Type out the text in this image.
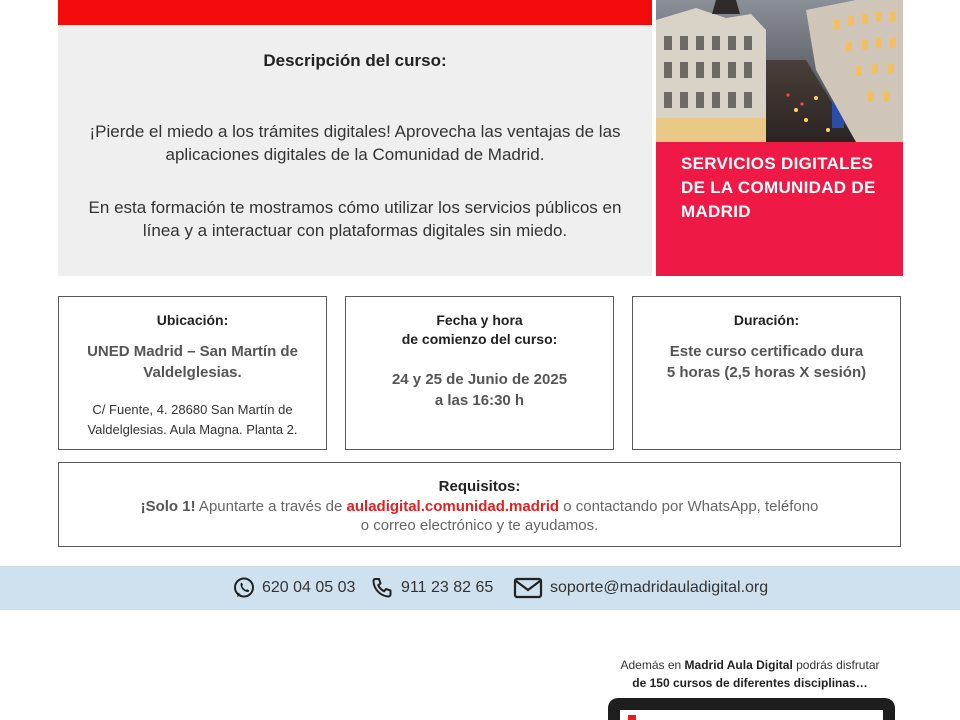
Descripción del curso:
¡Pierde el miedo a los trámites digitales! Aprovecha las ventajas de las aplicaciones digitales de la Comunidad de Madrid.
En esta formación te mostramos cómo utilizar los servicios públicos en línea y a interactuar con plataformas digitales sin miedo.
SERVICIOS DIGITALES
DE LA COMUNIDAD DE
MADRID
Ubicación:
UNED Madrid – San Martín de
Valdelglesias.
C/ Fuente, 4. 28680 San Martín de
Valdelglesias. Aula Magna. Planta 2.
Fecha y hora
de comienzo del curso:
24 y 25 de Junio de 2025
a las 16:30 h
Duración:
Este curso certificado dura
5 horas (2,5 horas X sesión)
Requisitos:
¡Solo 1! Apuntarte a través de auladigital.comunidad.madrid o contactando por WhatsApp, teléfono
o correo electrónico y te ayudamos.
620 04 05 03	911 23 82 65	soporte@madridauladigital.org
Además en Madrid Aula Digital podrás disfrutar
de 150 cursos de diferentes disciplinas…
